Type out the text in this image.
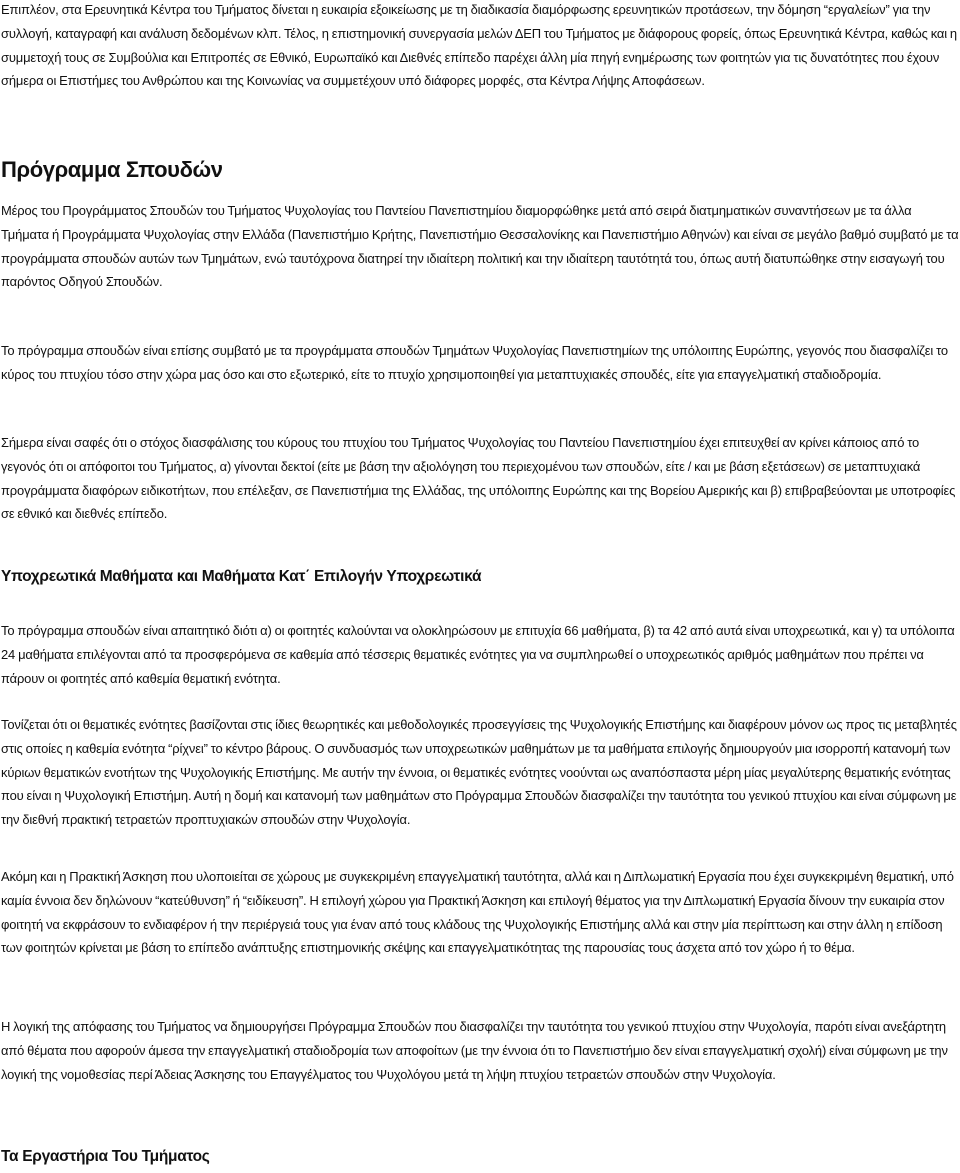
Επιπλέον, στα Ερευνητικά Κέντρα του Τμήματος δίνεται η ευκαιρία εξοικείωσης με τη διαδικασία διαμόρφωσης ερευνητικών προτάσεων, την δόμηση “εργαλείων” για την συλλογή, καταγραφή και ανάλυση δεδομένων κλπ. Τέλος, η επιστημονική συνεργασία μελών ΔΕΠ του Τμήματος με διάφορους φορείς, όπως Ερευνητικά Κέντρα, καθώς και η συμμετοχή τους σε Συμβούλια και Επιτροπές σε Εθνικό, Ευρωπαϊκό και Διεθνές επίπεδο παρέχει άλλη μία πηγή ενημέρωσης των φοιτητών για τις δυνατότητες που έχουν σήμερα οι Επιστήμες του Ανθρώπου και της Κοινωνίας να συμμετέχουν υπό διάφορες μορφές, στα Κέντρα Λήψης Αποφάσεων.

Πρόγραμμα Σπουδών

Μέρος του Προγράμματος Σπουδών του Τμήματος Ψυχολογίας του Παντείου Πανεπιστημίου διαμορφώθηκε μετά από σειρά διατμηματικών συναντήσεων με τα άλλα Τμήματα ή Προγράμματα Ψυχολογίας στην Ελλάδα (Πανεπιστήμιο Κρήτης, Πανεπιστήμιο Θεσσαλονίκης και Πανεπιστήμιο Αθηνών) και είναι σε μεγάλο βαθμό συμβατό με τα προγράμματα σπουδών αυτών των Τμημάτων, ενώ ταυτόχρονα διατηρεί την ιδιαίτερη πολιτική και την ιδιαίτερη ταυτότητά του, όπως αυτή διατυπώθηκε στην εισαγωγή του παρόντος Οδηγού Σπουδών.

Το πρόγραμμα σπουδών είναι επίσης συμβατό με τα προγράμματα σπουδών Τμημάτων Ψυχολογίας Πανεπιστημίων της υπόλοιπης Ευρώπης, γεγονός που διασφαλίζει το κύρος του πτυχίου τόσο στην χώρα μας όσο και στο εξωτερικό, είτε το πτυχίο χρησιμοποιηθεί για μεταπτυχιακές σπουδές, είτε για επαγγελματική σταδιοδρομία.

Σήμερα είναι σαφές ότι ο στόχος διασφάλισης του κύρους του πτυχίου του Τμήματος Ψυχολογίας του Παντείου Πανεπιστημίου έχει επιτευχθεί αν κρίνει κάποιος από το γεγονός ότι οι απόφοιτοι του Τμήματος, α) γίνονται δεκτοί (είτε με βάση την αξιολόγηση του περιεχομένου των σπουδών, είτε / και με βάση εξετάσεων) σε μεταπτυχιακά προγράμματα διαφόρων ειδικοτήτων, που επέλεξαν, σε Πανεπιστήμια της Ελλάδας, της υπόλοιπης Ευρώπης και της Βορείου Αμερικής και β) επιβραβεύονται με υποτροφίες σε εθνικό και διεθνές επίπεδο.

Υποχρεωτικά Μαθήματα και Μαθήματα Κατ΄ Επιλογήν Υποχρεωτικά

Το πρόγραμμα σπουδών είναι απαιτητικό διότι α) οι φοιτητές καλούνται να ολοκληρώσουν με επιτυχία 66 μαθήματα, β) τα 42 από αυτά είναι υποχρεωτικά, και γ) τα υπόλοιπα 24 μαθήματα επιλέγονται από τα προσφερόμενα σε καθεμία από τέσσερις θεματικές ενότητες για να συμπληρωθεί ο υποχρεωτικός αριθμός μαθημάτων που πρέπει να πάρουν οι φοιτητές από καθεμία θεματική ενότητα.

Τονίζεται ότι οι θεματικές ενότητες βασίζονται στις ίδιες θεωρητικές και μεθοδολογικές προσεγγίσεις της Ψυχολογικής Επιστήμης και διαφέρουν μόνον ως προς τις μεταβλητές στις οποίες η καθεμία ενότητα “ρίχνει” το κέντρο βάρους. Ο συνδυασμός των υποχρεωτικών μαθημάτων με τα μαθήματα επιλογής δημιουργούν μια ισορροπή κατανομή των κύριων θεματικών ενοτήτων της Ψυχολογικής Επιστήμης. Με αυτήν την έννοια, οι θεματικές ενότητες νοούνται ως αναπόσπαστα μέρη μίας μεγαλύτερης θεματικής ενότητας που είναι η Ψυχολογική Επιστήμη. Αυτή η δομή και κατανομή των μαθημάτων στο Πρόγραμμα Σπουδών διασφαλίζει την ταυτότητα του γενικού πτυχίου και είναι σύμφωνη με την διεθνή πρακτική τετραετών προπτυχιακών σπουδών στην Ψυχολογία.

Ακόμη και η Πρακτική Άσκηση που υλοποιείται σε χώρους με συγκεκριμένη επαγγελματική ταυτότητα, αλλά και η Διπλωματική Εργασία που έχει συγκεκριμένη θεματική, υπό καμία έννοια δεν δηλώνουν “κατεύθυνση” ή “ειδίκευση”. Η επιλογή χώρου για Πρακτική Άσκηση και επιλογή θέματος για την Διπλωματική Εργασία δίνουν την ευκαιρία στον φοιτητή να εκφράσουν το ενδιαφέρον ή την περιέργειά τους για έναν από τους κλάδους της Ψυχολογικής Επιστήμης αλλά και στην μία περίπτωση και στην άλλη η επίδοση των φοιτητών κρίνεται με βάση το επίπεδο ανάπτυξης επιστημονικής σκέψης και επαγγελματικότητας της παρουσίας τους άσχετα από τον χώρο ή το θέμα.

Η λογική της απόφασης του Τμήματος να δημιουργήσει Πρόγραμμα Σπουδών που διασφαλίζει την ταυτότητα του γενικού πτυχίου στην Ψυχολογία, παρότι είναι ανεξάρτητη από θέματα που αφορούν άμεσα την επαγγελματική σταδιοδρομία των αποφοίτων (με την έννοια ότι το Πανεπιστήμιο δεν είναι επαγγελματική σχολή) είναι σύμφωνη με την λογική της νομοθεσίας περί Άδειας Άσκησης του Επαγγέλματος του Ψυχολόγου μετά τη λήψη πτυχίου τετραετών σπουδών στην Ψυχολογία.

Τα Εργαστήρια Του Τμήματος
